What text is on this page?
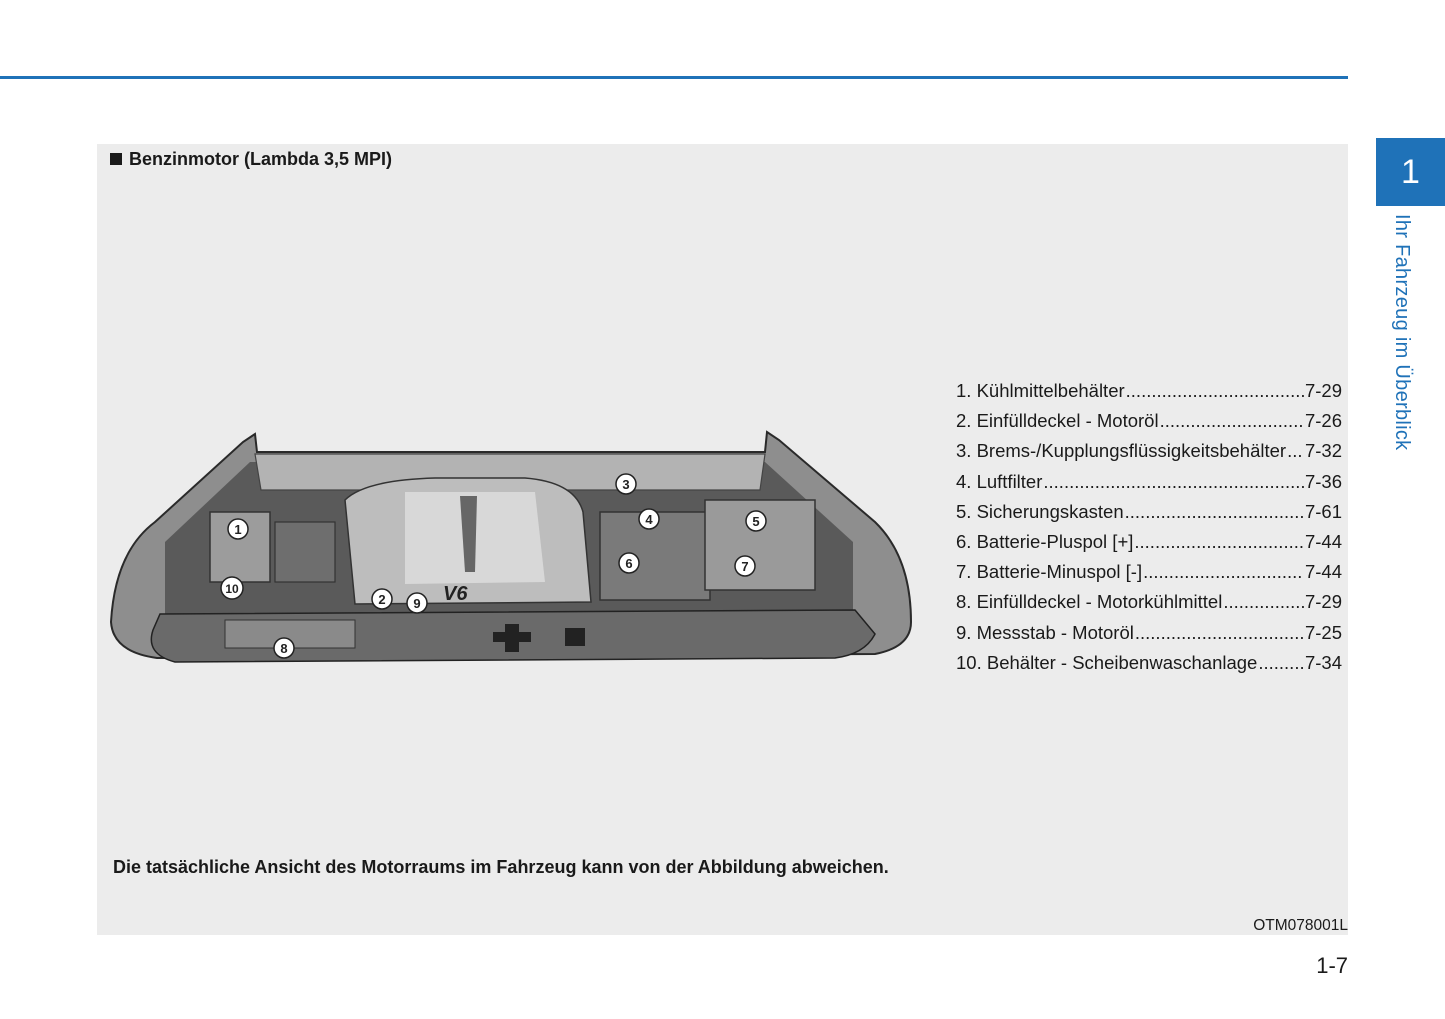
1
Ihr Fahrzeug im Überblick
Benzinmotor (Lambda 3,5 MPI)
V6
1
2
3
4	5
6	7
8
9
10
1. Kühlmittelbehälter .....	7-29
2. Einfülldeckel - Motoröl .....	7-26
3. Brems-/Kupplungsflüssigkeitsbehälter ..... 7-32
4. Luftfilter .....	7-36
5. Sicherungskasten .....	7-61
6. Batterie-Pluspol [+] .....	7-44
7. Batterie-Minuspol [-] .....	7-44
8. Einfülldeckel - Motorkühlmittel .....	7-29
9. Messstab - Motoröl .....	7-25
10. Behälter - Scheibenwaschanlage .....	7-34
Die tatsächliche Ansicht des Motorraums im Fahrzeug kann von der Abbildung abweichen.
OTM078001L
1-7
